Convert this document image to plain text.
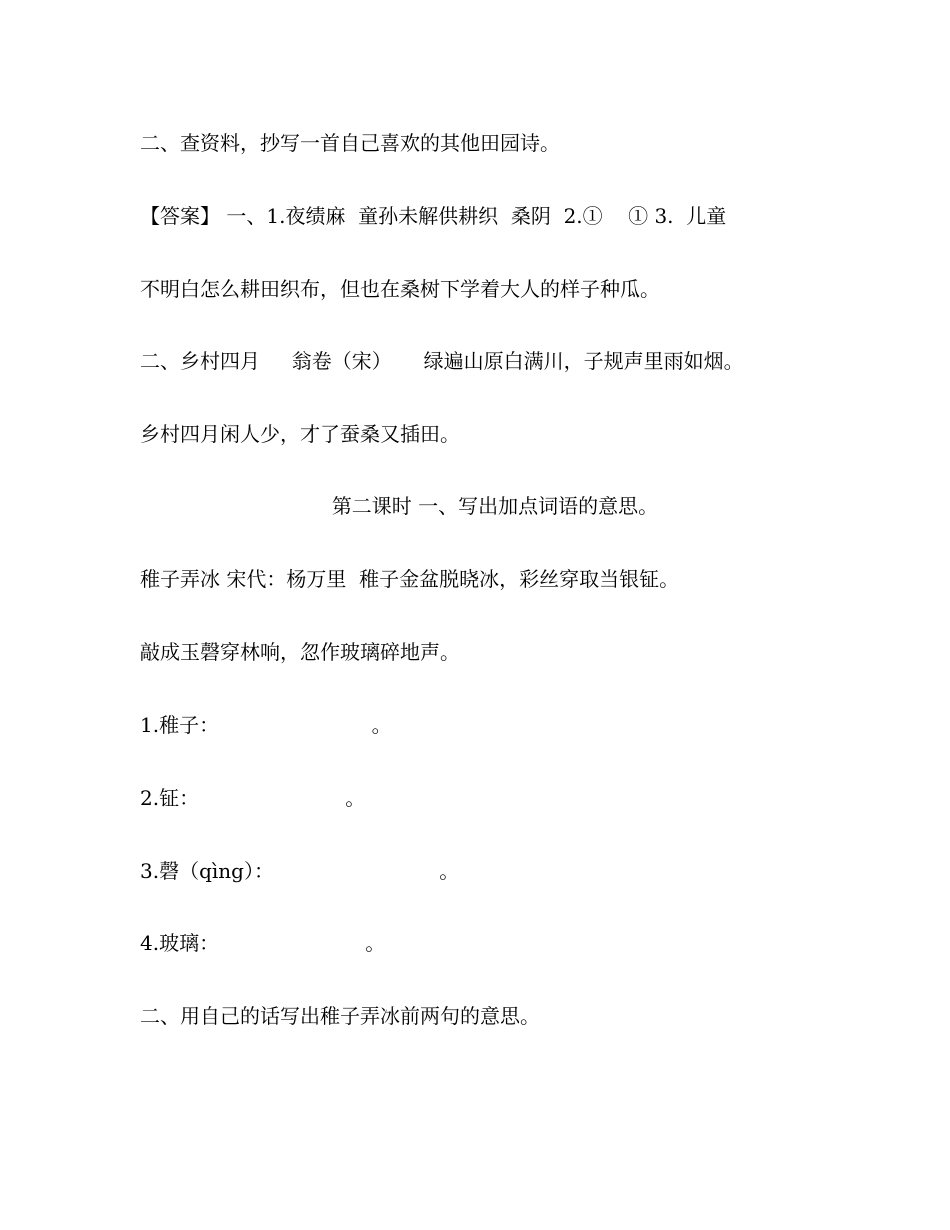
二、查资料，抄写一首自己喜欢的其他田园诗。
【答案】 一、1.夜绩麻  童孙未解供耕织  桑阴  2.①    ① 3.  儿童
不明白怎么耕田织布，但也在桑树下学着大人的样子种瓜。
二、乡村四月     翁卷（宋）     绿遍山原白满川，子规声里雨如烟。
乡村四月闲人少，才了蚕桑又插田。
第二课时 一、写出加点词语的意思。
稚子弄冰 宋代：杨万里  稚子金盆脱晓冰，彩丝穿取当银钲。
敲成玉磬穿林响，忽作玻璃碎地声。
1.稚子：                        。
2.钲：                       。
3.磬（qìng）：                          。
4.玻璃：                       。
二、用自己的话写出稚子弄冰前两句的意思。
